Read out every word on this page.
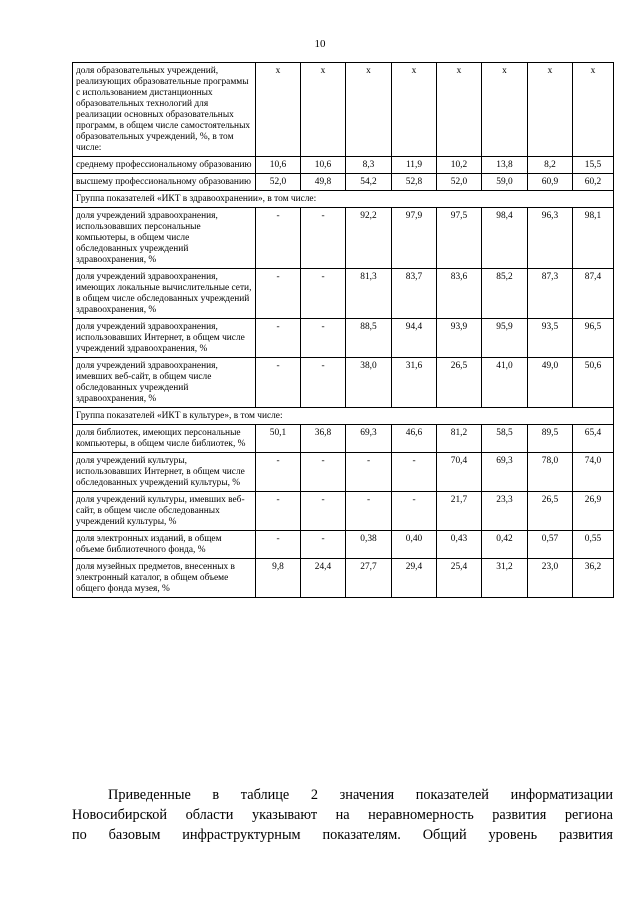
10
доля образовательных учреждений, реализующих образовательные программы с использованием дистанционных образовательных технологий для реализации основных образовательных программ, в общем числе самостоятельных образовательных учреждений, %, в том числе:	х	х	х	х	х	х	х	х
среднему профессиональному образованию	10,6	10,6	8,3	11,9	10,2	13,8	8,2	15,5
высшему профессиональному образованию	52,0	49,8	54,2	52,8	52,0	59,0	60,9	60,2
Группа показателей «ИКТ в здравоохранении», в том числе:								
доля учреждений здравоохранения, использовавших персональные компьютеры, в общем числе обследованных учреждений здравоохранения, %	-	-	92,2	97,9	97,5	98,4	96,3	98,1
доля учреждений здравоохранения, имеющих локальные вычислительные сети, в общем числе обследованных учреждений здравоохранения, %	-	-	81,3	83,7	83,6	85,2	87,3	87,4
доля учреждений здравоохранения, использовавших Интернет, в общем числе учреждений здравоохранения, %	-	-	88,5	94,4	93,9	95,9	93,5	96,5
доля учреждений здравоохранения, имевших веб-сайт, в общем числе обследованных учреждений здравоохранения, %	-	-	38,0	31,6	26,5	41,0	49,0	50,6
Группа показателей «ИКТ в культуре», в том числе:								
доля библиотек, имеющих персональные компьютеры, в общем числе библиотек, %	50,1	36,8	69,3	46,6	81,2	58,5	89,5	65,4
доля учреждений культуры, использовавших Интернет, в общем числе обследованных учреждений культуры, %	-	-	-	-	70,4	69,3	78,0	74,0
доля учреждений культуры, имевших веб-сайт, в общем числе обследованных учреждений культуры, %	-	-	-	-	21,7	23,3	26,5	26,9
доля электронных изданий, в общем объеме библиотечного фонда, %	-	-	0,38	0,40	0,43	0,42	0,57	0,55
доля музейных предметов, внесенных в электронный каталог, в общем объеме общего фонда музея, %	9,8	24,4	27,7	29,4	25,4	31,2	23,0	36,2
Приведенные в таблице 2 значения показателей информатизации
Новосибирской области указывают на неравномерность развития региона
по базовым инфраструктурным показателям. Общий уровень развития
